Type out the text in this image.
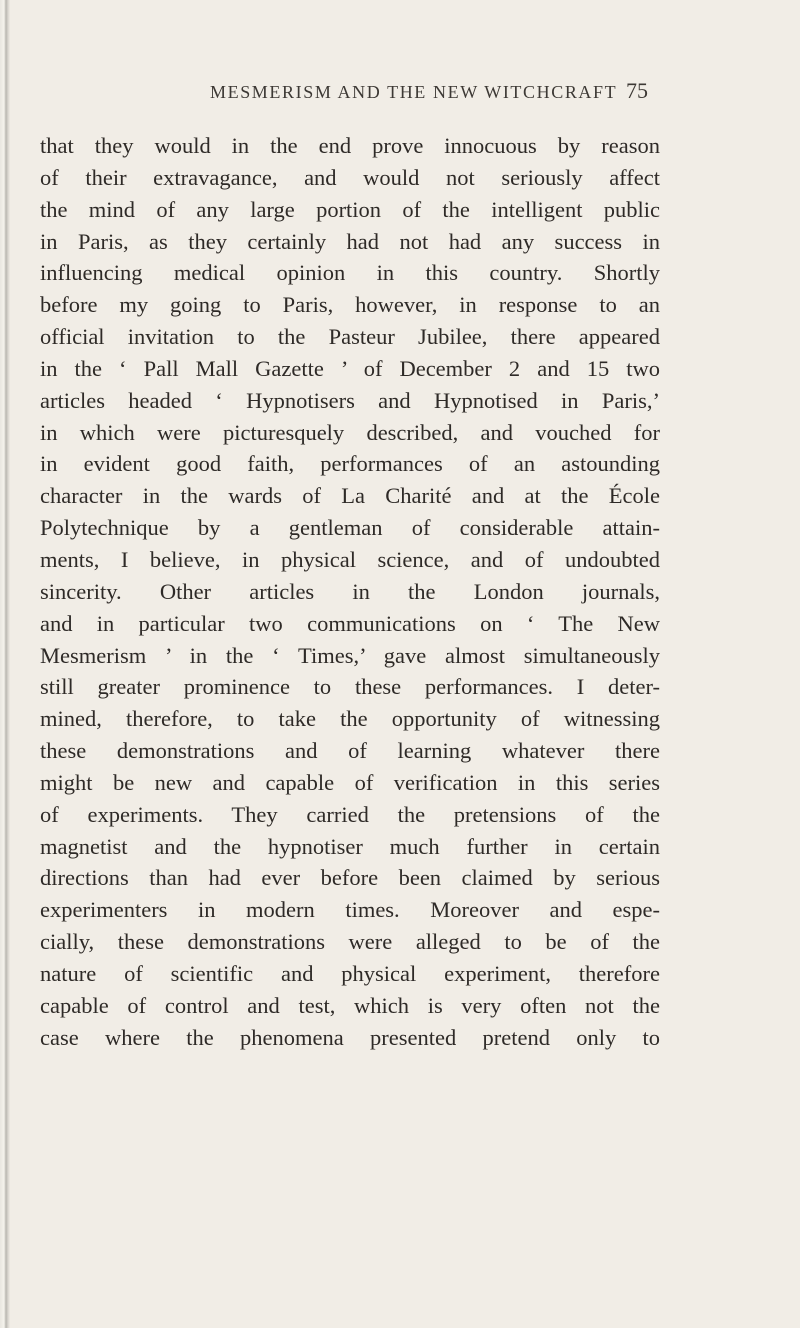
MESMERISM AND THE NEW WITCHCRAFT 75
that they would in the end prove innocuous by reason
of their extravagance, and would not seriously affect
the mind of any large portion of the intelligent public
in Paris, as they certainly had not had any success in
influencing medical opinion in this country. Shortly
before my going to Paris, however, in response to an
official invitation to the Pasteur Jubilee, there appeared
in the ‘ Pall Mall Gazette ’ of December 2 and 15 two
articles headed ‘ Hypnotisers and Hypnotised in Paris,’
in which were picturesquely described, and vouched for
in evident good faith, performances of an astounding
character in the wards of La Charité and at the École
Polytechnique by a gentleman of considerable attain-
ments, I believe, in physical science, and of undoubted
sincerity. Other articles in the London journals,
and in particular two communications on ‘ The New
Mesmerism ’ in the ‘ Times,’ gave almost simultaneously
still greater prominence to these performances. I deter-
mined, therefore, to take the opportunity of witnessing
these demonstrations and of learning whatever there
might be new and capable of verification in this series
of experiments. They carried the pretensions of the
magnetist and the hypnotiser much further in certain
directions than had ever before been claimed by serious
experimenters in modern times. Moreover and espe-
cially, these demonstrations were alleged to be of the
nature of scientific and physical experiment, therefore
capable of control and test, which is very often not the
case where the phenomena presented pretend only to
